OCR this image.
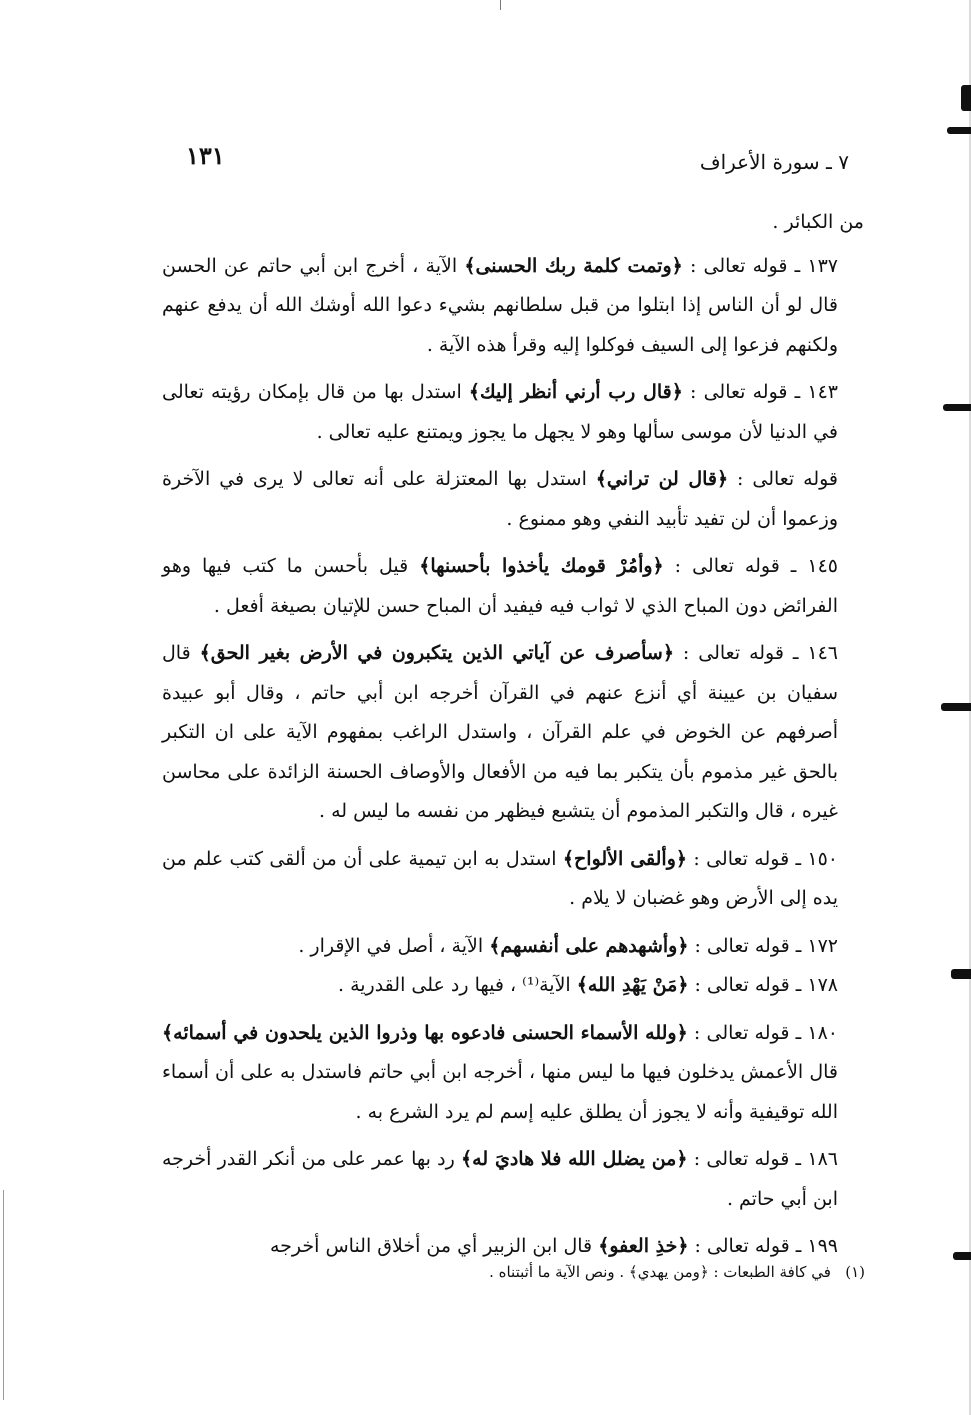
١٣١	٧ ـ سورة الأعراف

من الكبائر .

١٣٧ ـ قوله تعالى : ﴿وتمت كلمة ربك الحسنى﴾ الآية ، أخرج ابن أبي حاتم عن الحسن قال لو أن الناس إذا ابتلوا من قبل سلطانهم بشيء دعوا الله أوشك الله أن يدفع عنهم ولكنهم فزعوا إلى السيف فوكلوا إليه وقرأ هذه الآية .

١٤٣ ـ قوله تعالى : ﴿قال رب أرني أنظر إليك﴾ استدل بها من قال بإمكان رؤيته تعالى في الدنيا لأن موسى سألها وهو لا يجهل ما يجوز ويمتنع عليه تعالى .

قوله تعالى : ﴿قال لن تراني﴾ استدل بها المعتزلة على أنه تعالى لا يرى في الآخرة وزعموا أن لن تفيد تأبيد النفي وهو ممنوع .

١٤٥ ـ قوله تعالى : ﴿وأمُرْ قومك يأخذوا بأحسنها﴾ قيل بأحسن ما كتب فيها وهو الفرائض دون المباح الذي لا ثواب فيه فيفيد أن المباح حسن للإتيان بصيغة أفعل .

١٤٦ ـ قوله تعالى : ﴿سأصرف عن آياتي الذين يتكبرون في الأرض بغير الحق﴾ قال سفيان بن عيينة أي أنزع عنهم في القرآن أخرجه ابن أبي حاتم ، وقال أبو عبيدة أصرفهم عن الخوض في علم القرآن ، واستدل الراغب بمفهوم الآية على ان التكبر بالحق غير مذموم بأن يتكبر بما فيه من الأفعال والأوصاف الحسنة الزائدة على محاسن غيره ، قال والتكبر المذموم أن يتشبع فيظهر من نفسه ما ليس له .

١٥٠ ـ قوله تعالى : ﴿وألقى الألواح﴾ استدل به ابن تيمية على أن من ألقى كتب علم من يده إلى الأرض وهو غضبان لا يلام .

١٧٢ ـ قوله تعالى : ﴿وأشهدهم على أنفسهم﴾ الآية ، أصل في الإقرار .

١٧٨ ـ قوله تعالى : ﴿مَنْ يَهْدِ الله﴾ الآية⁽¹⁾ ، فيها رد على القدرية .

١٨٠ ـ قوله تعالى : ﴿ولله الأسماء الحسنى فادعوه بها وذروا الذين يلحدون في أسمائه﴾ قال الأعمش يدخلون فيها ما ليس منها ، أخرجه ابن أبي حاتم فاستدل به على أن أسماء الله توقيفية وأنه لا يجوز أن يطلق عليه إسم لم يرد الشرع به .

١٨٦ ـ قوله تعالى : ﴿من يضلل الله فلا هاديَ له﴾ رد بها عمر على من أنكر القدر أخرجه ابن أبي حاتم .

١٩٩ ـ قوله تعالى : ﴿خذِ العفو﴾ قال ابن الزبير أي من أخلاق الناس أخرجه

(١)   في كافة الطبعات : ﴿ومن يهدي﴾ . ونص الآية ما أثبتناه .
